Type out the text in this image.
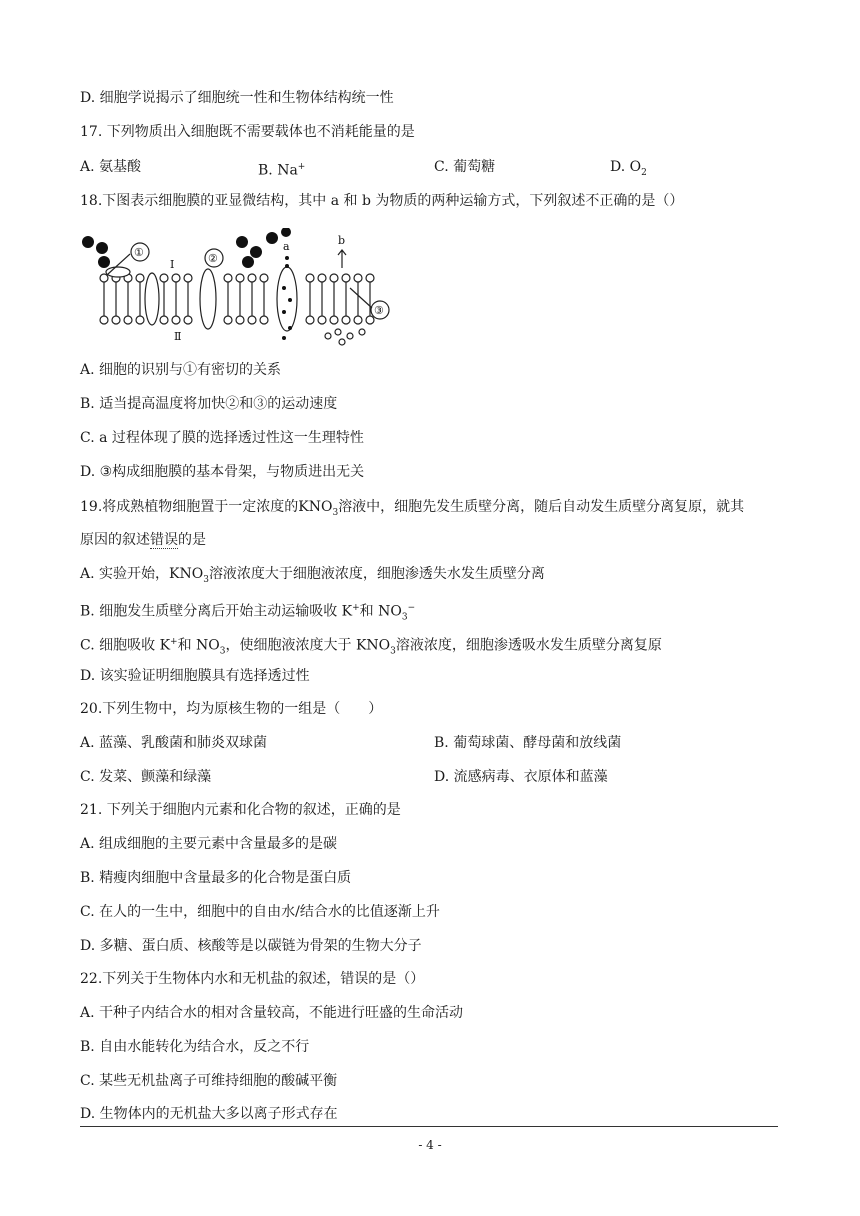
D. 细胞学说揭示了细胞统一性和生物体结构统一性
17. 下列物质出入细胞既不需要载体也不消耗能量的是
A. 氨基酸	B. Na+	C. 葡萄糖	D. $O_2$
18.下图表示细胞膜的亚显微结构，其中 a 和 b 为物质的两种运输方式，下列叙述不正确的是（）
①	②
③
Ⅰ
Ⅱ
a	b
A. 细胞的识别与①有密切的关系
B. 适当提高温度将加快②和③的运动速度
C. a 过程体现了膜的选择透过性这一生理特性
D. ③构成细胞膜的基本骨架，与物质进出无关
19.将成熟植物细胞置于一定浓度的$KNO_3$溶液中，细胞先发生质壁分离，随后自动发生质壁分离复原，就其
原因的叙述错误的是
A. 实验开始，$KNO_3$溶液浓度大于细胞液浓度，细胞渗透失水发生质壁分离
B. 细胞发生质壁分离后开始主动运输吸收 K+和 $NO_3^-$
C. 细胞吸收 K+和 $NO_3$，使细胞液浓度大于 $KNO_3$溶液浓度，细胞渗透吸水发生质壁分离复原
D. 该实验证明细胞膜具有选择透过性
20.下列生物中，均为原核生物的一组是（　　）
A. 蓝藻、乳酸菌和肺炎双球菌	B. 葡萄球菌、酵母菌和放线菌
C. 发菜、颤藻和绿藻	D. 流感病毒、衣原体和蓝藻
21. 下列关于细胞内元素和化合物的叙述，正确的是
A. 组成细胞的主要元素中含量最多的是碳
B. 精瘦肉细胞中含量最多的化合物是蛋白质
C. 在人的一生中，细胞中的自由水/结合水的比值逐渐上升
D. 多糖、蛋白质、核酸等是以碳链为骨架的生物大分子
22.下列关于生物体内水和无机盐的叙述，错误的是（）
A. 干种子内结合水的相对含量较高，不能进行旺盛的生命活动
B. 自由水能转化为结合水，反之不行
C. 某些无机盐离子可维持细胞的酸碱平衡
D. 生物体内的无机盐大多以离子形式存在
- 4 -
